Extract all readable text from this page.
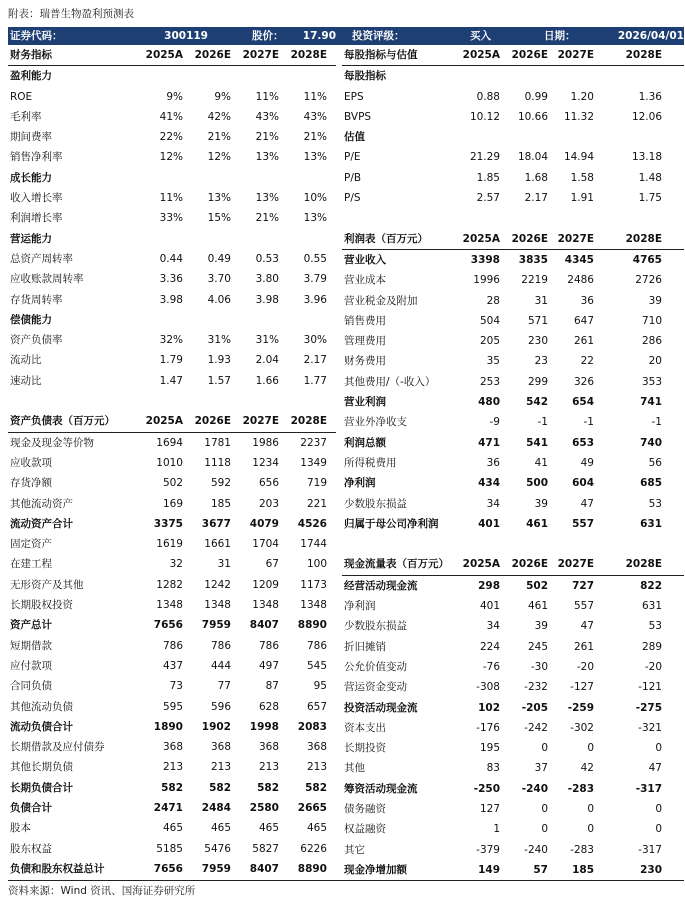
附表：瑞普生物盈利预测表
证券代码：	300119	股价：	17.90 投资评级：	买入	日期：	2026/04/01
财务指标	2025A	2026E	2027E	2028E
盈利能力
ROE	9%	9%	11%	11%
毛利率	41%	42%	43%	43%
期间费率	22%	21%	21%	21%
销售净利率	12%	12%	13%	13%
成长能力
收入增长率	11%	13%	13%	10%
利润增长率	33%	15%	21%	13%
营运能力
总资产周转率	0.44	0.49	0.53	0.55
应收账款周转率	3.36	3.70	3.80	3.79
存货周转率	3.98	4.06	3.98	3.96
偿债能力
资产负债率	32%	31%	31%	30%
流动比	1.79	1.93	2.04	2.17
速动比	1.47	1.57	1.66	1.77
资产负债表（百万元）	2025A	2026E	2027E	2028E
现金及现金等价物	1694	1781	1986	2237
应收款项	1010	1118	1234	1349
存货净额	502	592	656	719
其他流动资产	169	185	203	221
流动资产合计	3375	3677	4079	4526
固定资产	1619	1661	1704	1744
在建工程	32	31	67	100
无形资产及其他	1282	1242	1209	1173
长期股权投资	1348	1348	1348	1348
资产总计	7656	7959	8407	8890
短期借款	786	786	786	786
应付款项	437	444	497	545
合同负债	73	77	87	95
其他流动负债	595	596	628	657
流动负债合计	1890	1902	1998	2083
长期借款及应付债券	368	368	368	368
其他长期负债	213	213	213	213
长期负债合计	582	582	582	582
负债合计	2471	2484	2580	2665
股本	465	465	465	465
股东权益	5185	5476	5827	6226
负债和股东权益总计	7656	7959	8407	8890
每股指标与估值	2025A	2026E 2027E	2028E
每股指标
EPS	0.88	0.99	1.20	1.36
BVPS	10.12	10.66	11.32	12.06
估值
P/E	21.29	18.04	14.94	13.18
P/B	1.85	1.68	1.58	1.48
P/S	2.57	2.17	1.91	1.75
利润表（百万元）	2025A	2026E 2027E	2028E
营业收入	3398	3835	4345	4765
营业成本	1996	2219	2486	2726
营业税金及附加	28	31	36	39
销售费用	504	571	647	710
管理费用	205	230	261	286
财务费用	35	23	22	20
其他费用/（-收入）	253	299	326	353
营业利润	480	542	654	741
营业外净收支	-9	-1	-1	-1
利润总额	471	541	653	740
所得税费用	36	41	49	56
净利润	434	500	604	685
少数股东损益	34	39	47	53
归属于母公司净利润	401	461	557	631
现金流量表（百万元）	2025A	2026E 2027E	2028E
经营活动现金流	298	502	727	822
净利润	401	461	557	631
少数股东损益	34	39	47	53
折旧摊销	224	245	261	289
公允价值变动	-76	-30	-20	-20
营运资金变动	-308	-232	-127	-121
投资活动现金流	102	-205	-259	-275
资本支出	-176	-242	-302	-321
长期投资	195	0	0	0
其他	83	37	42	47
筹资活动现金流	-250	-240	-283	-317
债务融资	127	0	0	0
权益融资	1	0	0	0
其它	-379	-240	-283	-317
现金净增加额	149	57	185	230
资料来源：Wind 资讯、国海证券研究所
